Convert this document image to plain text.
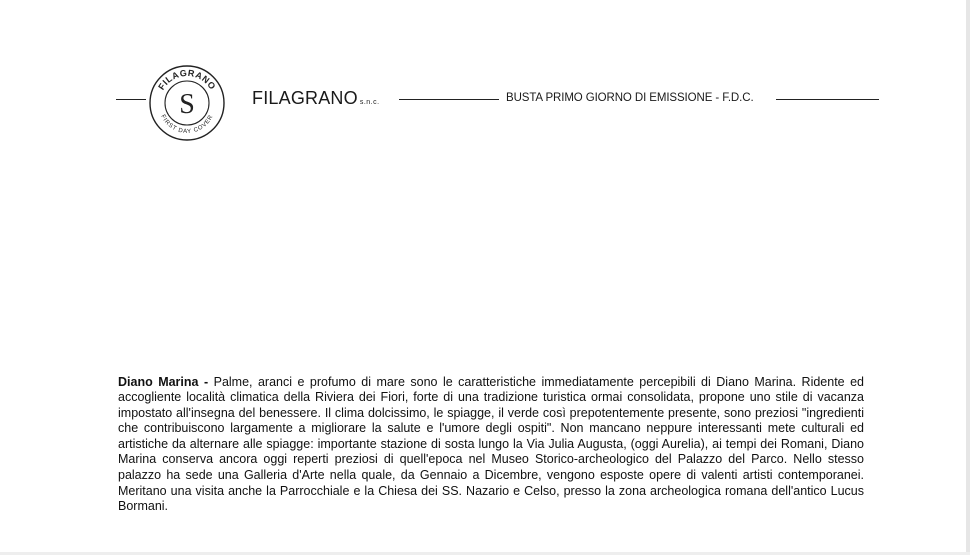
FILAGRANO
FIRST DAY COVER
S	FILAGRANO s.n.c.	BUSTA PRIMO GIORNO DI EMISSIONE - F.D.C.

Diano Marina - Palme, aranci e profumo di mare sono le caratteristiche immediatamente percepibili di Diano Marina. Ridente ed accogliente località climatica della Riviera dei Fiori, forte di una tradizione turistica ormai consolidata, propone uno stile di vacanza impostato all'insegna del benessere. Il clima dolcissimo, le spiagge, il verde così prepotentemente presente, sono preziosi "ingredienti che contribuiscono largamente a migliorare la salute e l'umore degli ospiti". Non mancano neppure interessanti mete culturali ed artistiche da alternare alle spiagge: importante stazione di sosta lungo la Via Julia Augusta, (oggi Aurelia), ai tempi dei Romani, Diano Marina conserva ancora oggi reperti preziosi di quell'epoca nel Museo Storico-archeologico del Palazzo del Parco. Nello stesso palazzo ha sede una Galleria d'Arte nella quale, da Gennaio a Dicembre, vengono esposte opere di valenti artisti contemporanei. Meritano una visita anche la Parrocchiale e la Chiesa dei SS. Nazario e Celso, presso la zona archeologica romana dell'antico Lucus Bormani.
